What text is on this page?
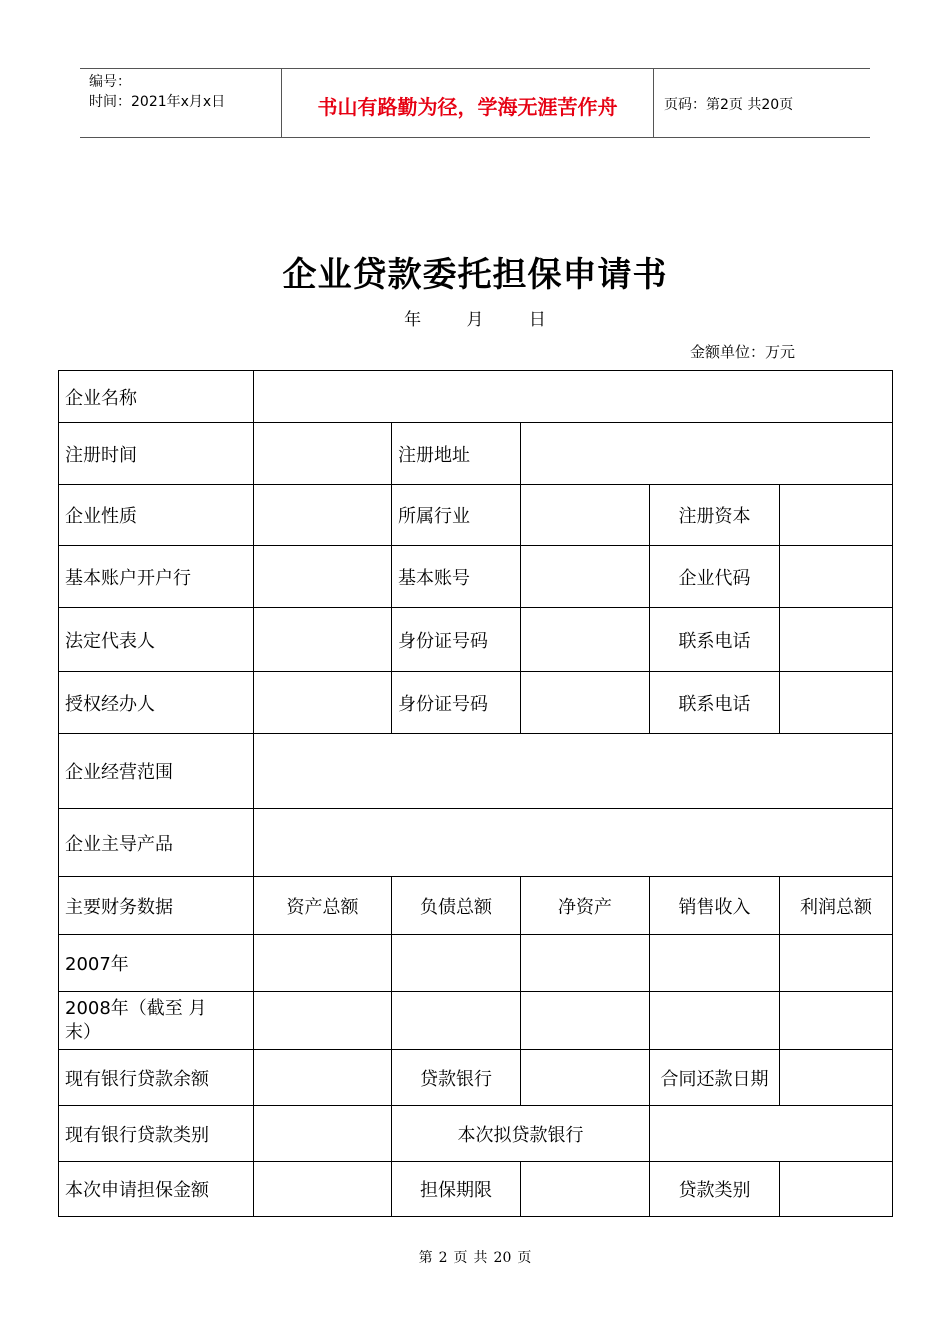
编号：
时间：2021年x月x日	书山有路勤为径，学海无涯苦作舟	页码：第2页 共20页
企业贷款委托担保申请书
年	月	日
金额单位：万元
企业名称					
注册时间		注册地址			
企业性质		所属行业		注册资本	
基本账户开户行		基本账号		企业代码	
法定代表人		身份证号码		联系电话	
授权经办人		身份证号码		联系电话	
企业经营范围					
企业主导产品					
主要财务数据	资产总额	负债总额	净资产	销售收入	利润总额
2007年					
2008年（截至 月末）					
现有银行贷款余额		贷款银行		合同还款日期	
现有银行贷款类别		本次拟贷款银行			
本次申请担保金额		担保期限		贷款类别	
第 2 页 共 20 页
